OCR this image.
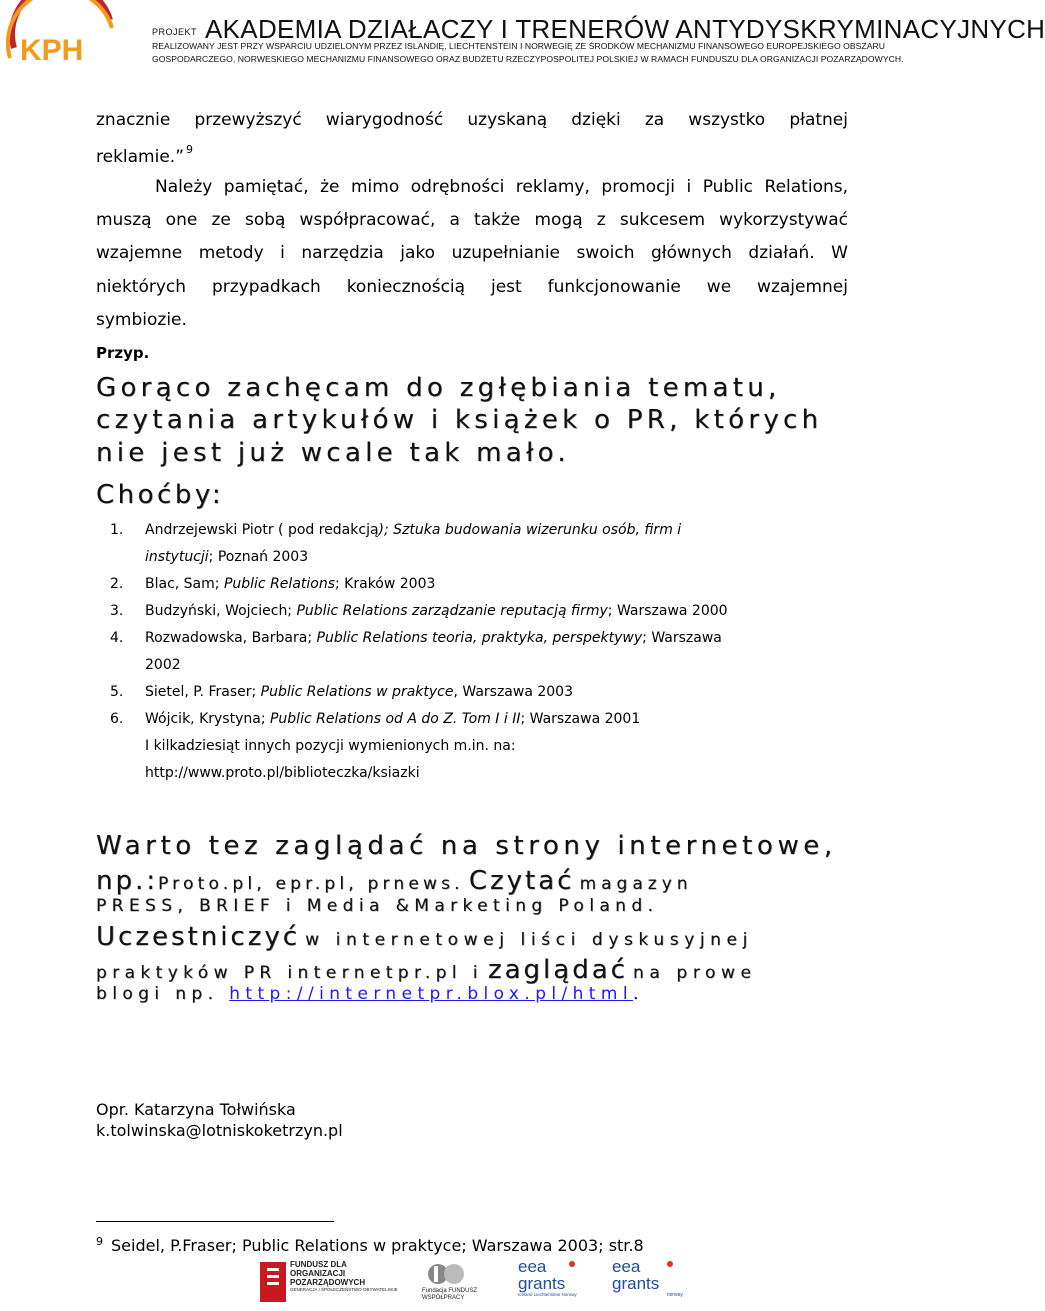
KPH
PROJEKT AKADEMIA DZIAŁACZY I TRENERÓW ANTYDYSKRYMINACYJNYCH
REALIZOWANY JEST PRZY WSPARCIU UDZIELONYM PRZEZ ISLANDIĘ, LIECHTENSTEIN I NORWEGIĘ ZE ŚRODKÓW MECHANIZMU FINANSOWEGO EUROPEJSKIEGO OBSZARU
GOSPODARCZEGO, NORWESKIEGO MECHANIZMU FINANSOWEGO ORAZ BUDŻETU RZECZYPOSPOLITEJ POLSKIEJ W RAMACH FUNDUSZU DLA ORGANIZACJI POZARZĄDOWYCH.
znacznie przewyższyć wiarygodność uzyskaną dzięki za wszystko płatnej
reklamie.” $^9$
Należy pamiętać, że mimo odrębności reklamy, promocji i Public Relations,
muszą one ze sobą współpracować, a także mogą z sukcesem wykorzystywać
wzajemne metody i narzędzia jako uzupełnianie swoich głównych działań. W
niektórych przypadkach koniecznością jest funkcjonowanie we wzajemnej
symbiozie.
Przyp.
Gorąco zachęcam do zgłębiania tematu,
czytania artykułów i książek o PR, których
nie jest już wcale tak mało.
Choćby:
1. Andrzejewski Piotr ( pod redakcją); Sztuka budowania wizerunku osób, firm i
instytucji; Poznań 2003
2. Blac, Sam; Public Relations; Kraków 2003
3. Budzyński, Wojciech; Public Relations zarządzanie reputacją firmy; Warszawa 2000
4. Rozwadowska, Barbara; Public Relations teoria, praktyka, perspektywy; Warszawa
2002
5. Sietel, P. Fraser; Public Relations w praktyce, Warszawa 2003
6. Wójcik, Krystyna; Public Relations od A do Z. Tom I i II; Warszawa 2001
I kilkadziesiąt innych pozycji wymienionych m.in. na:
http://www.proto.pl/biblioteczka/ksiazki
Warto tez zaglądać na strony internetowe,
np.:Proto.pl, epr.pl, prnews. Czytać magazyn
PRESS, BRIEF i Media &Marketing Poland.
Uczestniczyć w internetowej liści dyskusyjnej
praktyków PR internetpr.pl i zaglądać na prowe
blogi np. http://internetpr.blox.pl/html.
Opr. Katarzyna Tołwińska
k.tolwinska@lotniskoketrzyn.pl
$^9$ Seidel, P.Fraser; Public Relations w praktyce; Warszawa 2003; str.8
FUNDUSZ DLA ORGANIZACJI POZARZĄDOWYCH
GENERACJA I SPOŁECZEŃSTWO OBYWATELSKIE	Fundacja FUNDUSZ WSPÓŁPRACY
eea grants
Iceland Liechtenstein Norway
eea grants
norway
